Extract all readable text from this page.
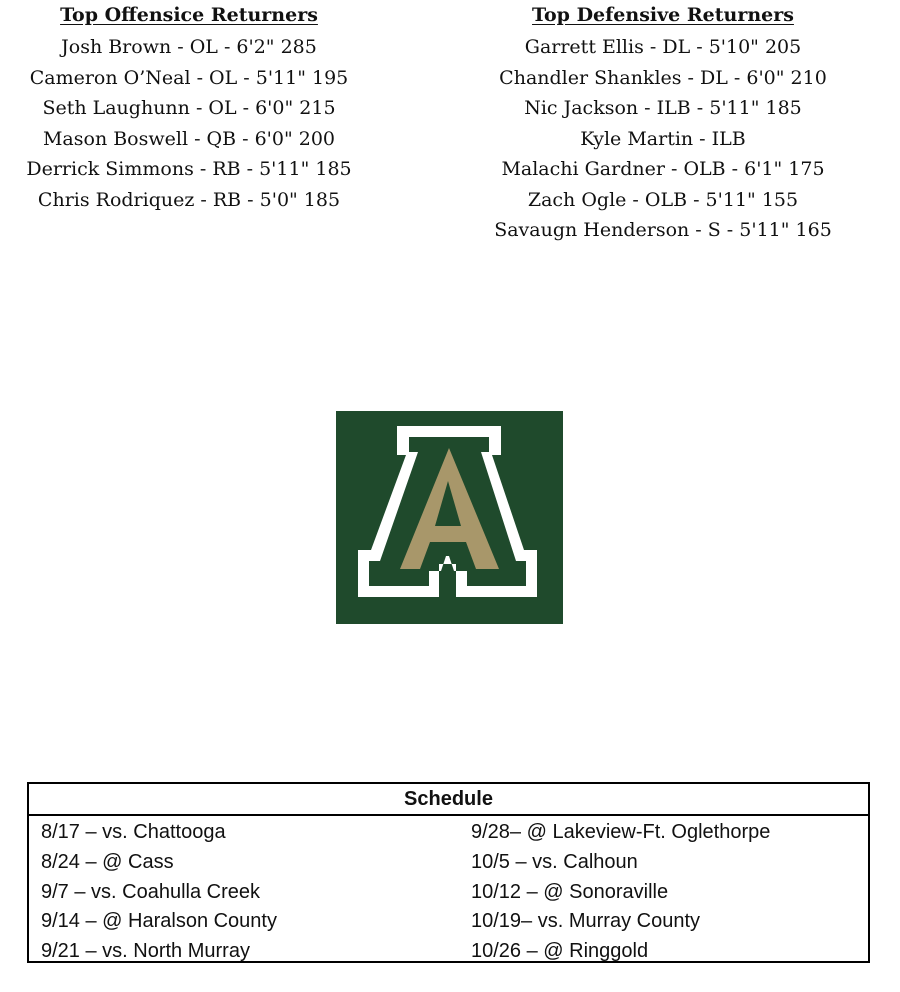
Top Offensice Returners
Josh Brown - OL - 6'2" 285
Cameron O’Neal - OL - 5'11" 195
Seth Laughunn - OL - 6'0" 215
Mason Boswell - QB - 6'0" 200
Derrick Simmons - RB - 5'11" 185
Chris Rodriquez - RB - 5'0" 185
Top Defensive Returners
Garrett Ellis - DL - 5'10" 205
Chandler Shankles - DL - 6'0" 210
Nic Jackson - ILB - 5'11" 185
Kyle Martin - ILB
Malachi Gardner - OLB - 6'1" 175
Zach Ogle - OLB - 5'11" 155
Savaugn Henderson - S - 5'11" 165
Schedule
8/17 – vs. Chattooga
8/24 – @ Cass
9/7 – vs. Coahulla Creek
9/14 – @ Haralson County
9/21 – vs. North Murray
9/28– @ Lakeview-Ft. Oglethorpe
10/5 – vs. Calhoun
10/12 – @ Sonoraville
10/19– vs. Murray County
10/26 – @ Ringgold
